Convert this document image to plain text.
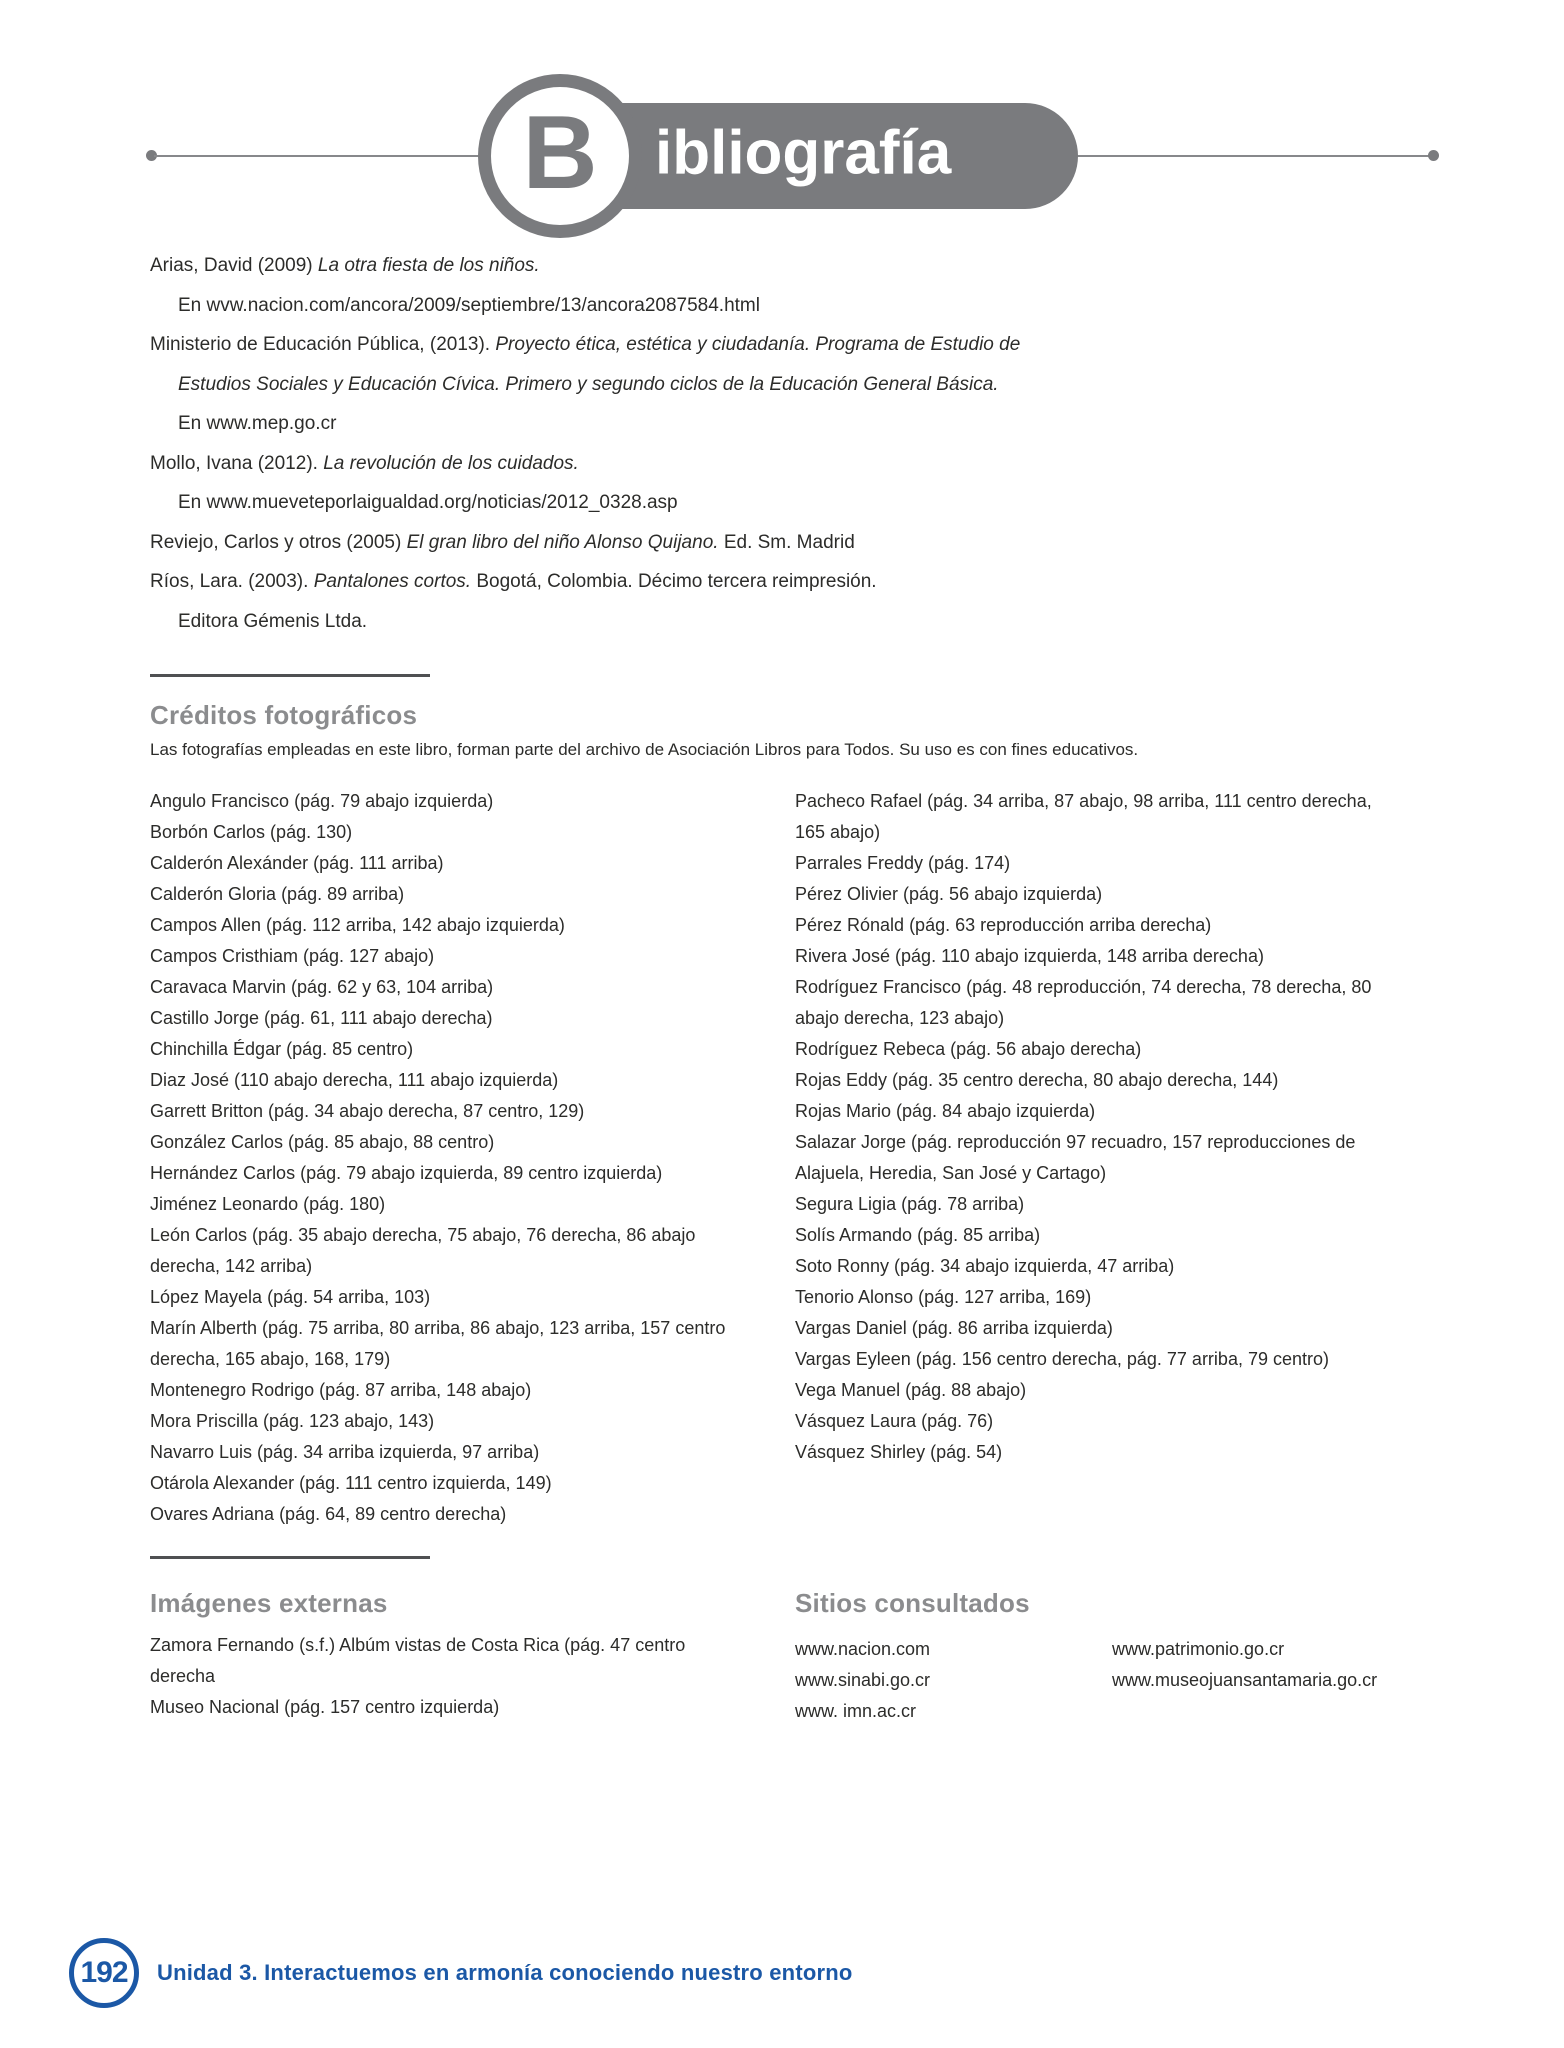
ibliografía
B
Arias, David (2009) La otra fiesta de los niños.
En wvw.nacion.com/ancora/2009/septiembre/13/ancora2087584.html
Ministerio de Educación Pública, (2013). Proyecto ética, estética y ciudadanía. Programa de Estudio de
Estudios Sociales y Educación Cívica. Primero y segundo ciclos de la Educación General Básica.
En www.mep.go.cr
Mollo, Ivana (2012). La revolución de los cuidados.
En www.mueveteporlaigualdad.org/noticias/2012_0328.asp
Reviejo, Carlos y otros (2005) El gran libro del niño Alonso Quijano. Ed. Sm. Madrid
Ríos, Lara. (2003). Pantalones cortos. Bogotá, Colombia. Décimo tercera reimpresión.
Editora Gémenis Ltda.
Créditos fotográficos

Las fotografías empleadas en este libro, forman parte del archivo de Asociación Libros para Todos. Su uso es con fines educativos.

Angulo Francisco (pág. 79 abajo izquierda)

Borbón Carlos (pág. 130)

Calderón Alexánder (pág. 111 arriba)

Calderón Gloria (pág. 89 arriba)

Campos Allen (pág. 112 arriba, 142 abajo izquierda)

Campos Cristhiam (pág. 127 abajo)

Caravaca Marvin (pág. 62 y 63, 104 arriba)

Castillo Jorge (pág. 61, 111 abajo derecha)

Chinchilla Édgar (pág. 85 centro)

Diaz José (110 abajo derecha, 111 abajo izquierda)

Garrett Britton (pág. 34 abajo derecha, 87 centro, 129)

González Carlos (pág. 85 abajo, 88 centro)

Hernández Carlos (pág. 79 abajo izquierda, 89 centro izquierda)

Jiménez Leonardo (pág. 180)

León Carlos (pág. 35 abajo derecha, 75 abajo, 76 derecha, 86 abajo derecha, 142 arriba)

López Mayela (pág. 54 arriba, 103)

Marín Alberth (pág. 75 arriba, 80 arriba, 86 abajo, 123 arriba, 157 centro derecha, 165 abajo, 168, 179)

Montenegro Rodrigo (pág. 87 arriba, 148 abajo)

Mora Priscilla (pág. 123 abajo, 143)

Navarro Luis (pág. 34 arriba izquierda, 97 arriba)

Otárola Alexander (pág. 111 centro izquierda, 149)

Ovares Adriana (pág. 64, 89 centro derecha)

Pacheco Rafael (pág. 34 arriba, 87 abajo, 98 arriba, 111 centro derecha, 165 abajo)

Parrales Freddy (pág. 174)

Pérez Olivier (pág. 56 abajo izquierda)

Pérez Rónald (pág. 63 reproducción arriba derecha)

Rivera José (pág. 110 abajo izquierda, 148 arriba derecha)

Rodríguez Francisco (pág. 48 reproducción, 74 derecha, 78 derecha, 80 abajo derecha, 123 abajo)

Rodríguez Rebeca (pág. 56 abajo derecha)

Rojas Eddy (pág. 35 centro derecha, 80 abajo derecha, 144)

Rojas Mario (pág. 84 abajo izquierda)

Salazar Jorge (pág. reproducción 97 recuadro, 157 reproducciones de Alajuela, Heredia, San José y Cartago)

Segura Ligia (pág. 78 arriba)

Solís Armando (pág. 85 arriba)

Soto Ronny (pág. 34 abajo izquierda, 47 arriba)

Tenorio Alonso (pág. 127 arriba, 169)

Vargas Daniel (pág. 86 arriba izquierda)

Vargas Eyleen (pág. 156 centro derecha, pág. 77 arriba, 79 centro)

Vega Manuel (pág. 88 abajo)

Vásquez Laura (pág. 76)

Vásquez Shirley (pág. 54)

Imágenes externas

Zamora Fernando (s.f.) Albúm vistas de Costa Rica (pág. 47 centro derecha

Museo Nacional (pág. 157 centro izquierda)

Sitios consultados

www.nacion.com

www.sinabi.go.cr

www. imn.ac.cr

www.patrimonio.go.cr

www.museojuansantamaria.go.cr

192 Unidad 3. Interactuemos en armonía conociendo nuestro entorno
